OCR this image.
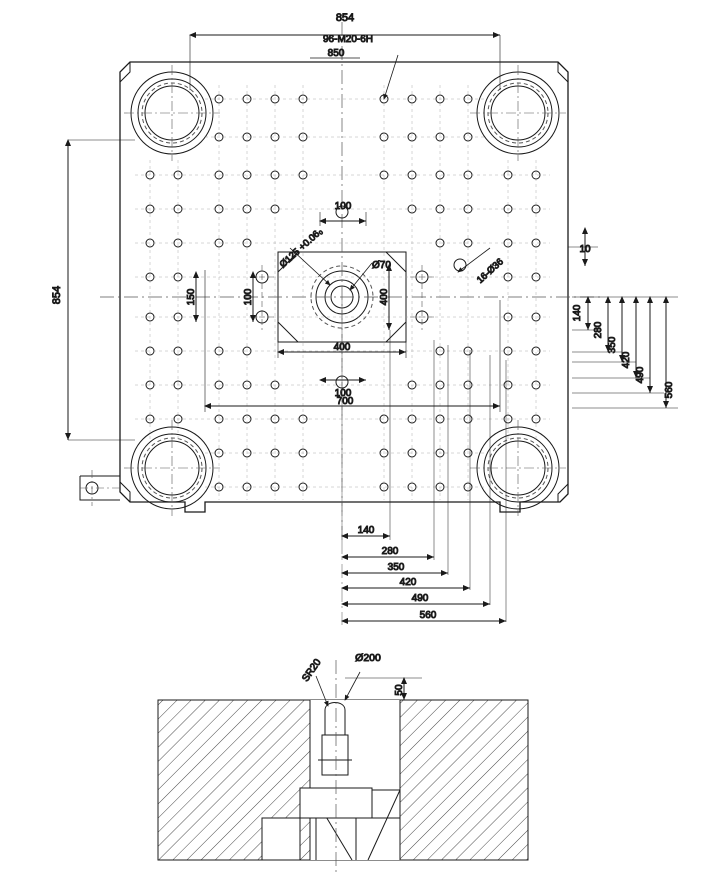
854
850
96-M20-6H
854
100
100
400
400
700
150	100
Ø125 +0.06₀	Ø70	16-Ø36
10
140
280
350
420
490
560
140
280
350
420
490
560
SR20	Ø200
50
